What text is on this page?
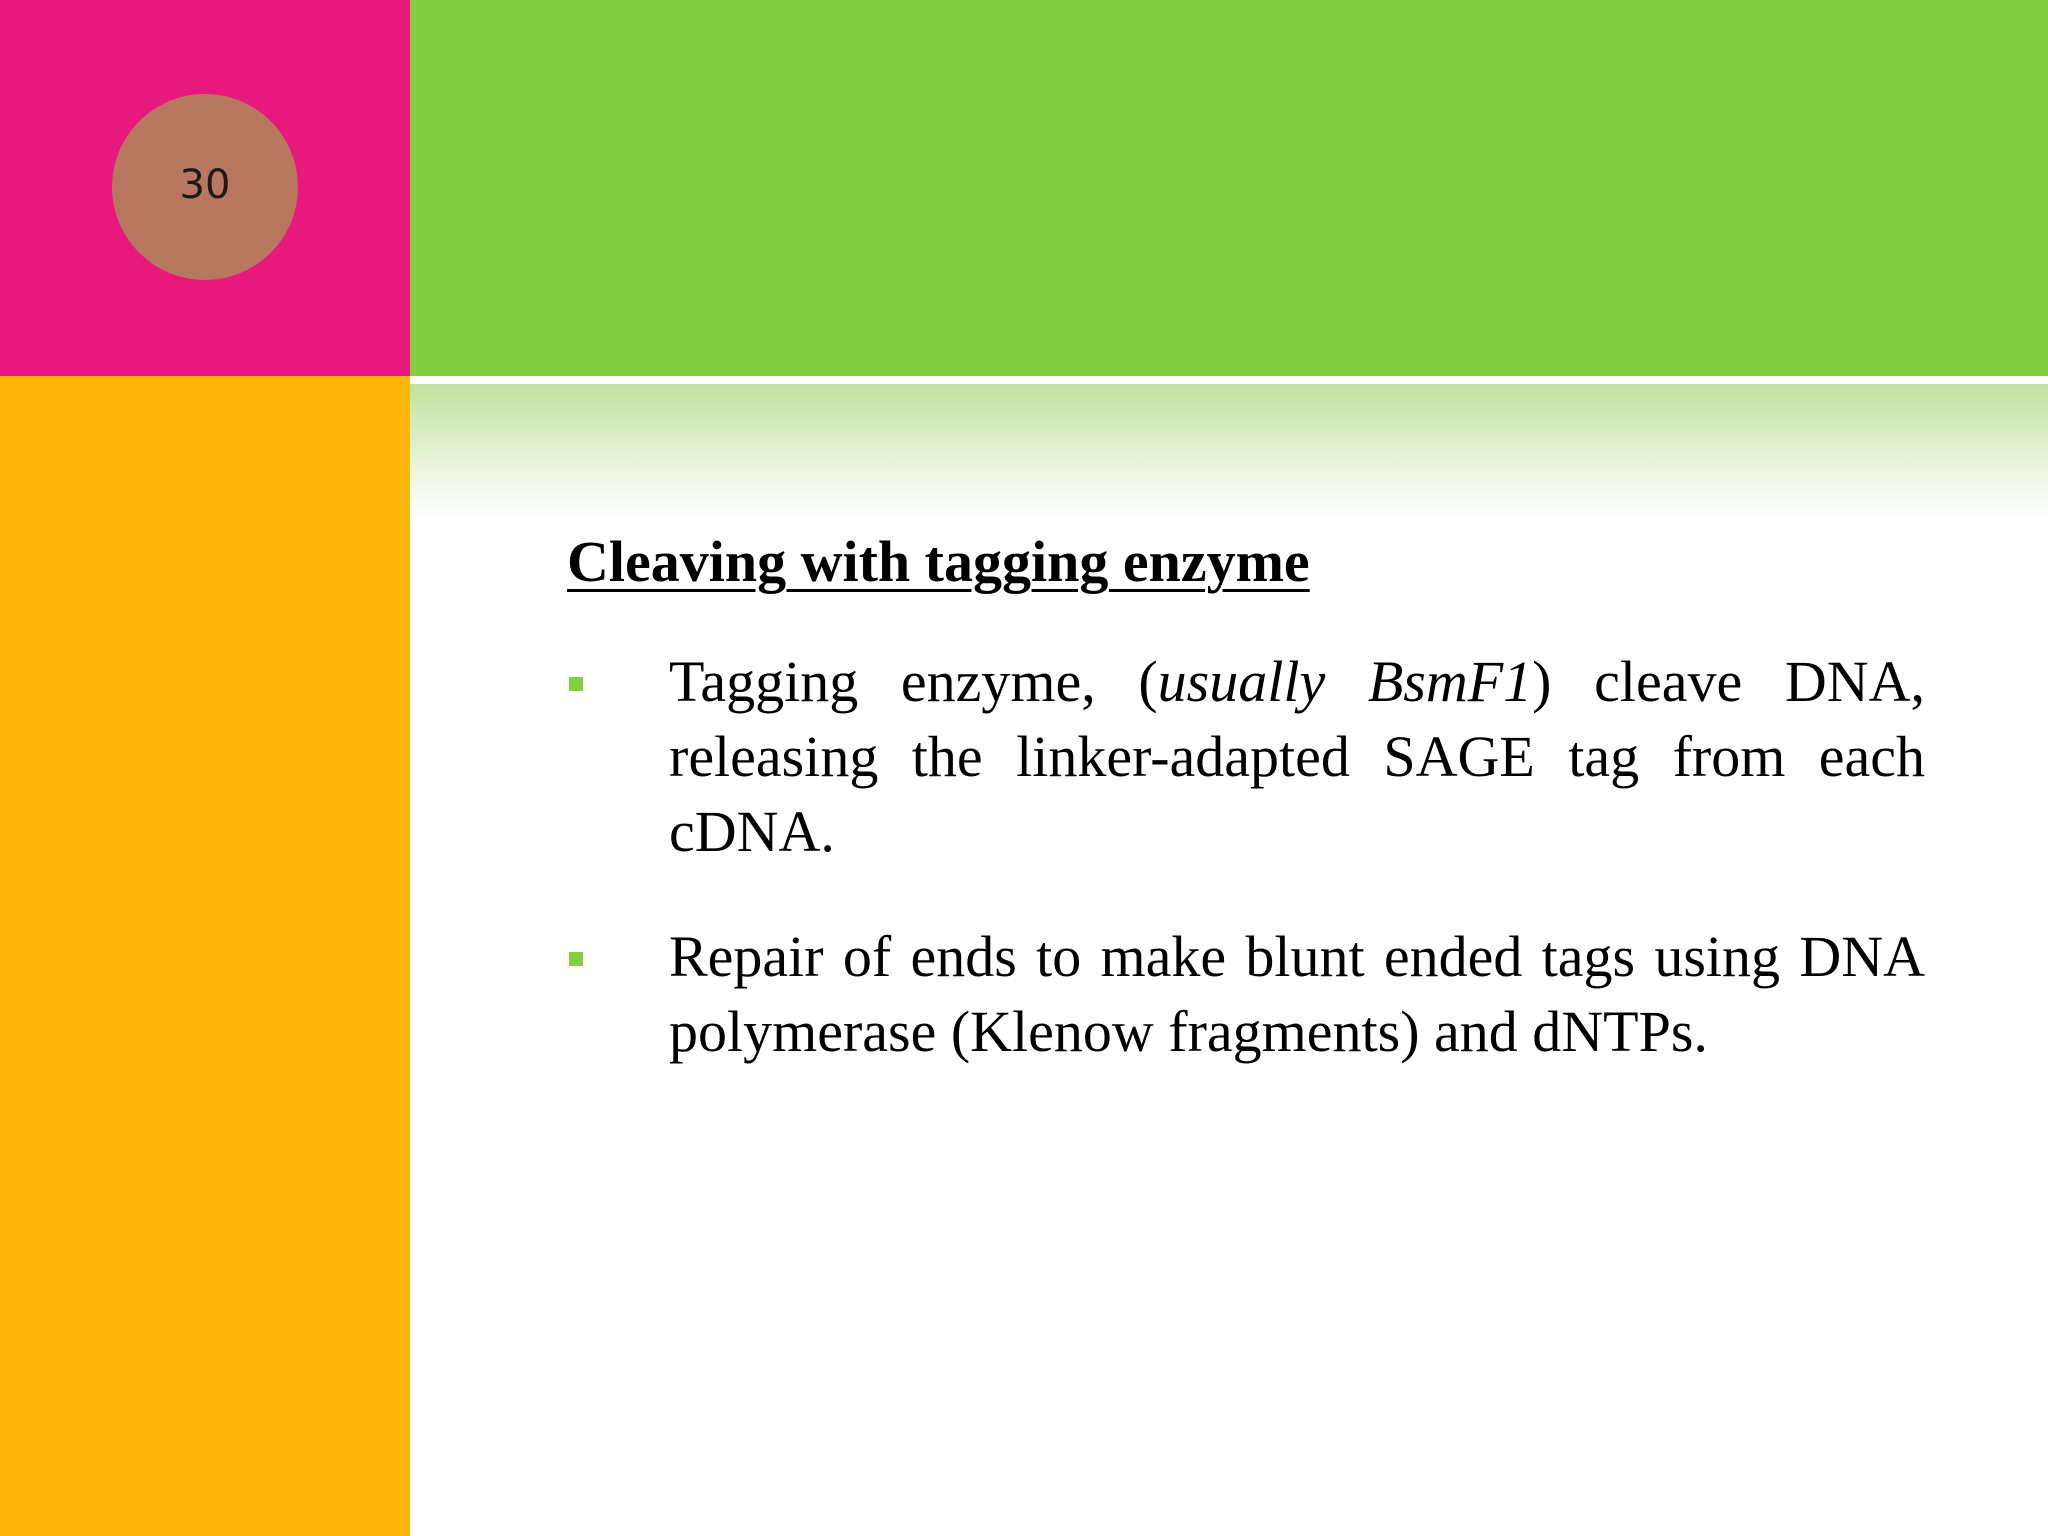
30
Cleaving with tagging enzyme
Tagging enzyme, (usually BsmF1) cleave DNA, releasing the linker-adapted SAGE tag from each cDNA.
Repair of ends to make blunt ended tags using DNA polymerase (Klenow fragments) and dNTPs.
